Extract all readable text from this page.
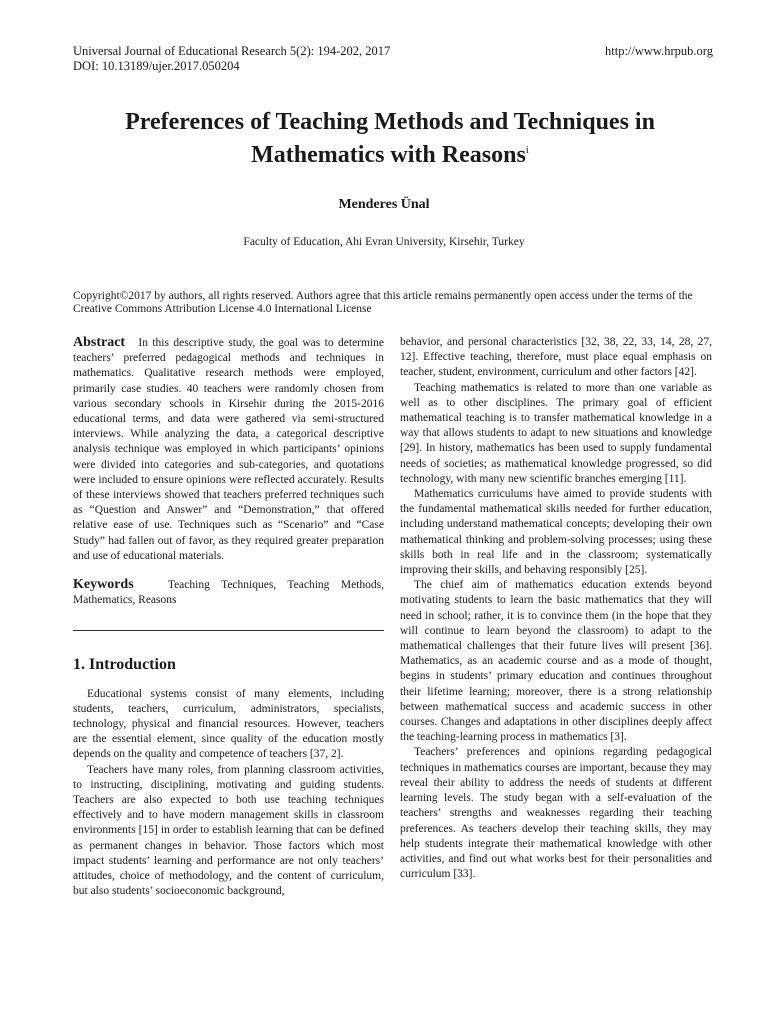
Universal Journal of Educational Research 5(2): 194-202, 2017
DOI: 10.13189/ujer.2017.050204
http://www.hrpub.org
Preferences of Teaching Methods and Techniques in
Mathematics with Reasons$^i$
Menderes Ünal
Faculty of Education, Ahi Evran University, Kirsehir, Turkey
Copyright©2017 by authors, all rights reserved. Authors agree that this article remains permanently open access under the terms of the Creative Commons Attribution License 4.0 International License

Abstract In this descriptive study, the goal was to determine teachers’ preferred pedagogical methods and techniques in mathematics. Qualitative research methods were employed, primarily case studies. 40 teachers were randomly chosen from various secondary schools in Kirsehir during the 2015-2016 educational terms, and data were gathered via semi-structured interviews. While analyzing the data, a categorical descriptive analysis technique was employed in which participants’ opinions were divided into categories and sub-categories, and quotations were included to ensure opinions were reflected accurately. Results of these interviews showed that teachers preferred techniques such as “Question and Answer” and “Demonstration,” that offered relative ease of use. Techniques such as “Scenario” and “Case Study” had fallen out of favor, as they required greater preparation and use of educational materials.

Keywords	Teaching Techniques, Teaching Methods, Mathematics, Reasons

1. Introduction

Educational systems consist of many elements, including students, teachers, curriculum, administrators, specialists, technology, physical and financial resources. However, teachers are the essential element, since quality of the education mostly depends on the quality and competence of teachers [37, 2].

Teachers have many roles, from planning classroom activities, to instructing, disciplining, motivating and guiding students. Teachers are also expected to both use teaching techniques effectively and to have modern management skills in classroom environments [15] in order to establish learning that can be defined as permanent changes in behavior. Those factors which most impact students’ learning and performance are not only teachers’ attitudes, choice of methodology, and the content of curriculum, but also students’ socioeconomic background,

behavior, and personal characteristics [32, 38, 22, 33, 14, 28, 27, 12]. Effective teaching, therefore, must place equal emphasis on teacher, student, environment, curriculum and other factors [42].

Teaching mathematics is related to more than one variable as well as to other disciplines. The primary goal of efficient mathematical teaching is to transfer mathematical knowledge in a way that allows students to adapt to new situations and knowledge [29]. In history, mathematics has been used to supply fundamental needs of societies; as mathematical knowledge progressed, so did technology, with many new scientific branches emerging [11].

Mathematics curriculums have aimed to provide students with the fundamental mathematical skills needed for further education, including understand mathematical concepts; developing their own mathematical thinking and problem-solving processes; using these skills both in real life and in the classroom; systematically improving their skills, and behaving responsibly [25].

The chief aim of mathematics education extends beyond motivating students to learn the basic mathematics that they will need in school; rather, it is to convince them (in the hope that they will continue to learn beyond the classroom) to adapt to the mathematical challenges that their future lives will present [36]. Mathematics, as an academic course and as a mode of thought, begins in students’ primary education and continues throughout their lifetime learning; moreover, there is a strong relationship between mathematical success and academic success in other courses. Changes and adaptations in other disciplines deeply affect the teaching-learning process in mathematics [3].

Teachers’ preferences and opinions regarding pedagogical techniques in mathematics courses are important, because they may reveal their ability to address the needs of students at different learning levels. The study began with a self-evaluation of the teachers’ strengths and weaknesses regarding their teaching preferences. As teachers develop their teaching skills, they may help students integrate their mathematical knowledge with other activities, and find out what works best for their personalities and curriculum [33].
